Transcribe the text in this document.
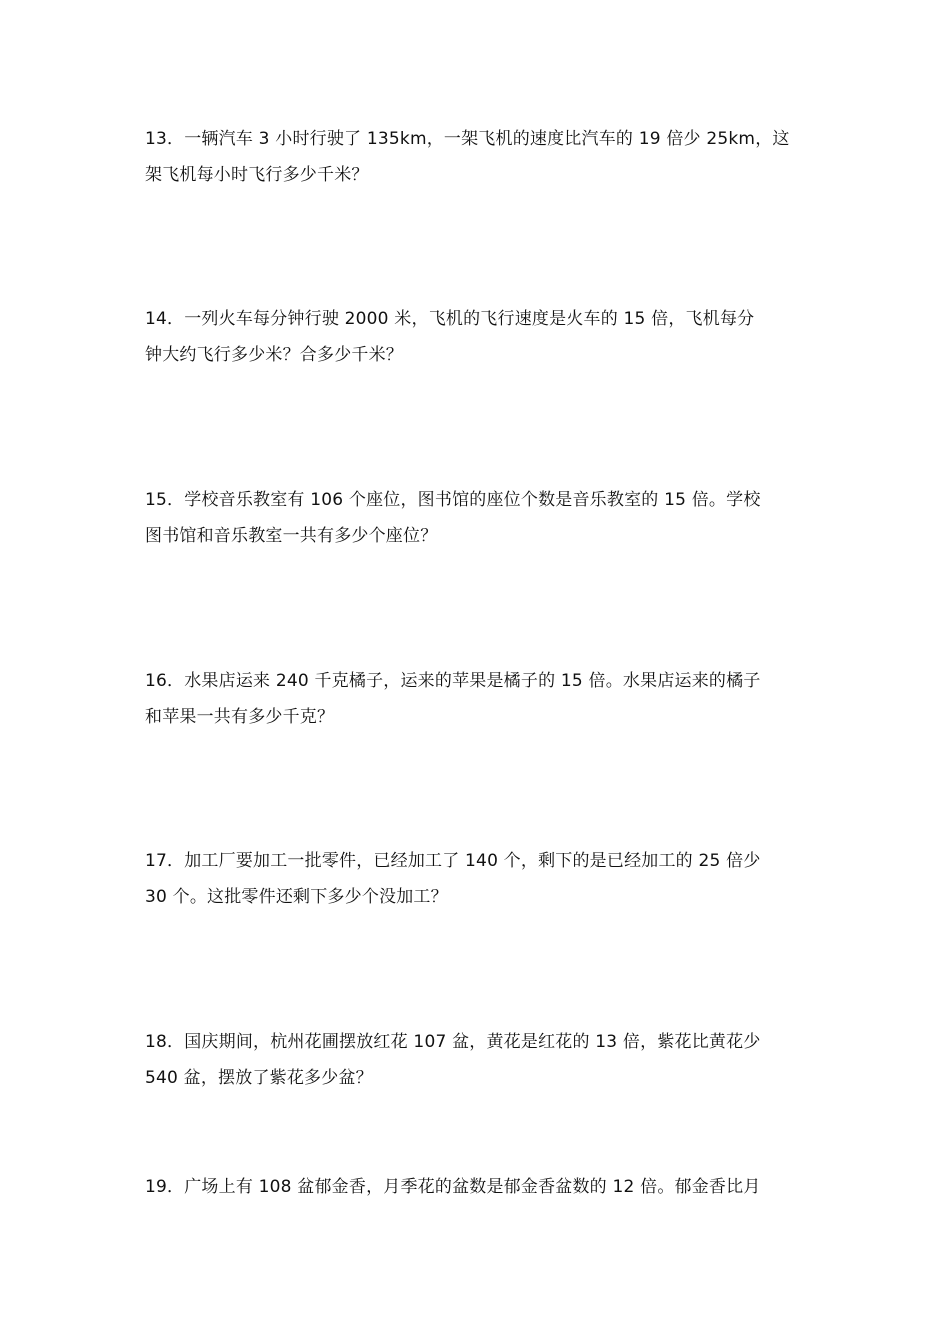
13．一辆汽车 3 小时行驶了 135km，一架飞机的速度比汽车的 19 倍少 25km，这
架飞机每小时飞行多少千米？
14．一列火车每分钟行驶 2000 米，飞机的飞行速度是火车的 15 倍，飞机每分
钟大约飞行多少米？合多少千米？
15．学校音乐教室有 106 个座位，图书馆的座位个数是音乐教室的 15 倍。学校
图书馆和音乐教室一共有多少个座位？
16．水果店运来 240 千克橘子，运来的苹果是橘子的 15 倍。水果店运来的橘子
和苹果一共有多少千克？
17．加工厂要加工一批零件，已经加工了 140 个，剩下的是已经加工的 25 倍少
30 个。这批零件还剩下多少个没加工？
18．国庆期间，杭州花圃摆放红花 107 盆，黄花是红花的 13 倍，紫花比黄花少
540 盆，摆放了紫花多少盆？
19．广场上有 108 盆郁金香，月季花的盆数是郁金香盆数的 12 倍。郁金香比月
